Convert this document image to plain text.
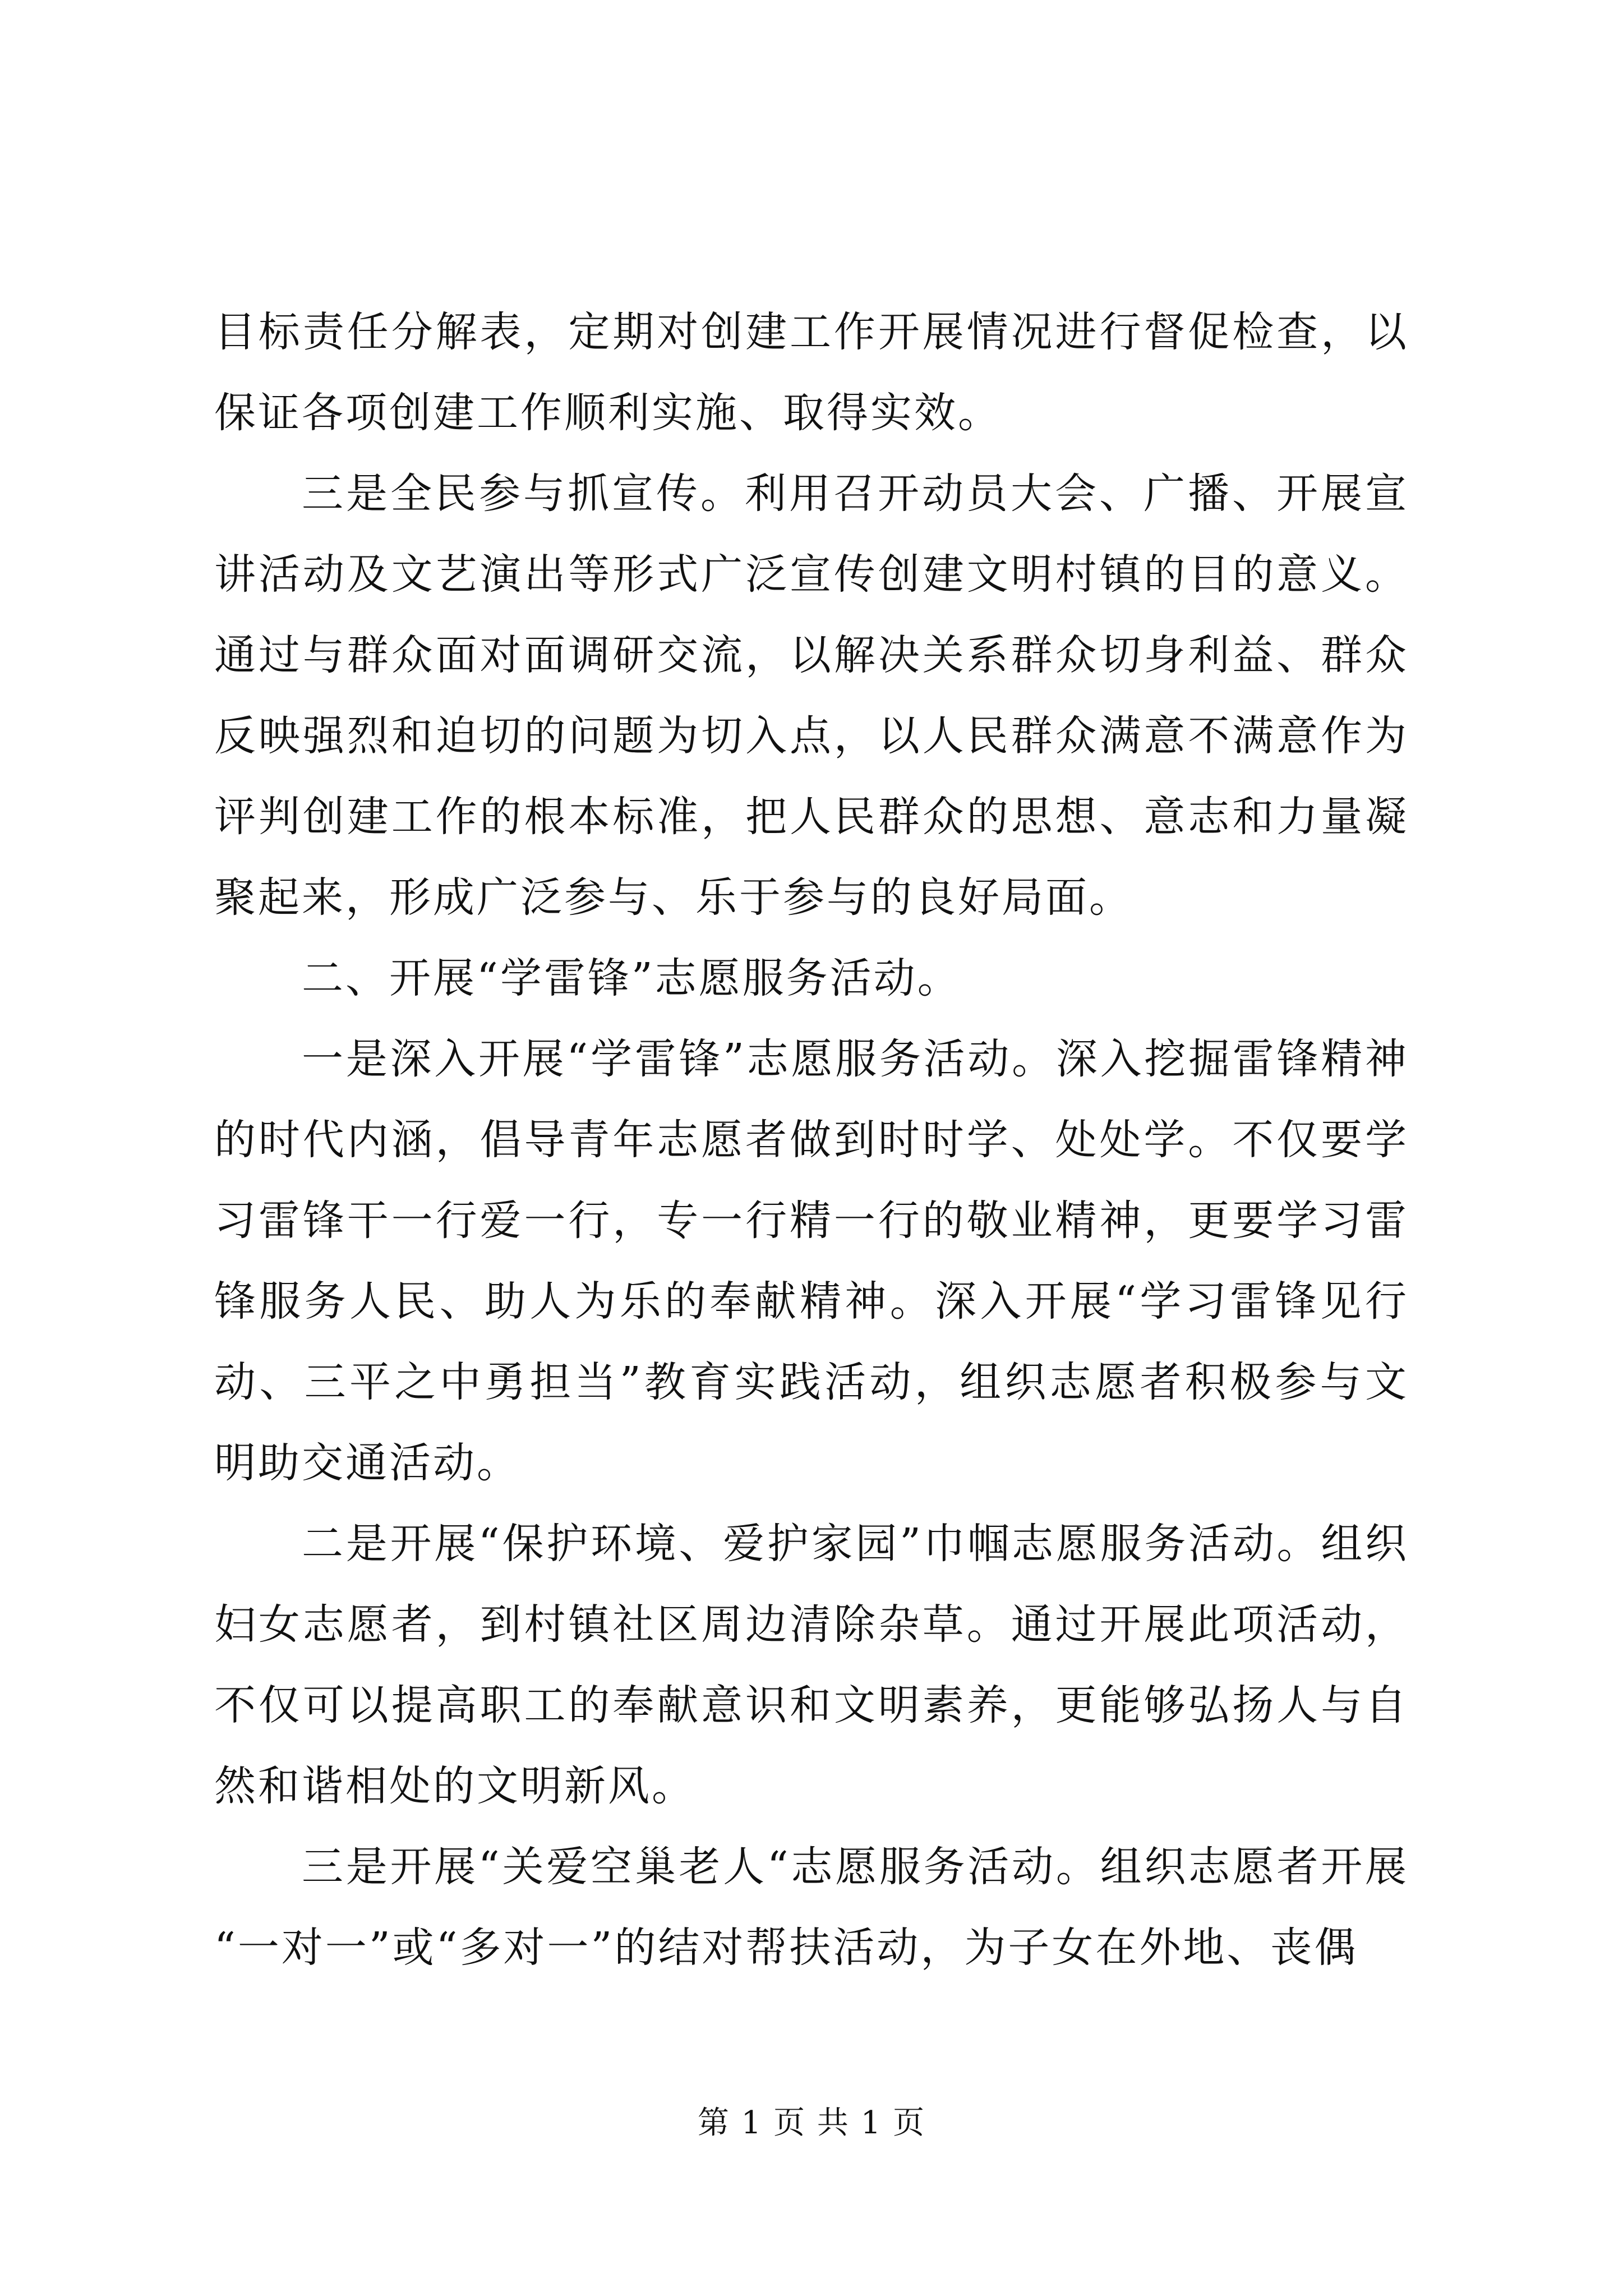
目标责任分解表，定期对创建工作开展情况进行督促检查，以保证各项创建工作顺利实施、取得实效。

三是全民参与抓宣传。利用召开动员大会、广播、开展宣讲活动及文艺演出等形式广泛宣传创建文明村镇的目的意义。通过与群众面对面调研交流，以解决关系群众切身利益、群众反映强烈和迫切的问题为切入点，以人民群众满意不满意作为评判创建工作的根本标准，把人民群众的思想、意志和力量凝聚起来，形成广泛参与、乐于参与的良好局面。

二、开展“学雷锋”志愿服务活动。

一是深入开展“学雷锋”志愿服务活动。深入挖掘雷锋精神的时代内涵，倡导青年志愿者做到时时学、处处学。不仅要学习雷锋干一行爱一行，专一行精一行的敬业精神，更要学习雷锋服务人民、助人为乐的奉献精神。深入开展“学习雷锋见行动、三平之中勇担当”教育实践活动，组织志愿者积极参与文明助交通活动。

二是开展“保护环境、爱护家园”巾帼志愿服务活动。组织妇女志愿者，到村镇社区周边清除杂草。通过开展此项活动，不仅可以提高职工的奉献意识和文明素养，更能够弘扬人与自然和谐相处的文明新风。

三是开展“关爱空巢老人“志愿服务活动。组织志愿者开展“一对一”或“多对一”的结对帮扶活动，为子女在外地、丧偶

第 1 页 共 1 页
